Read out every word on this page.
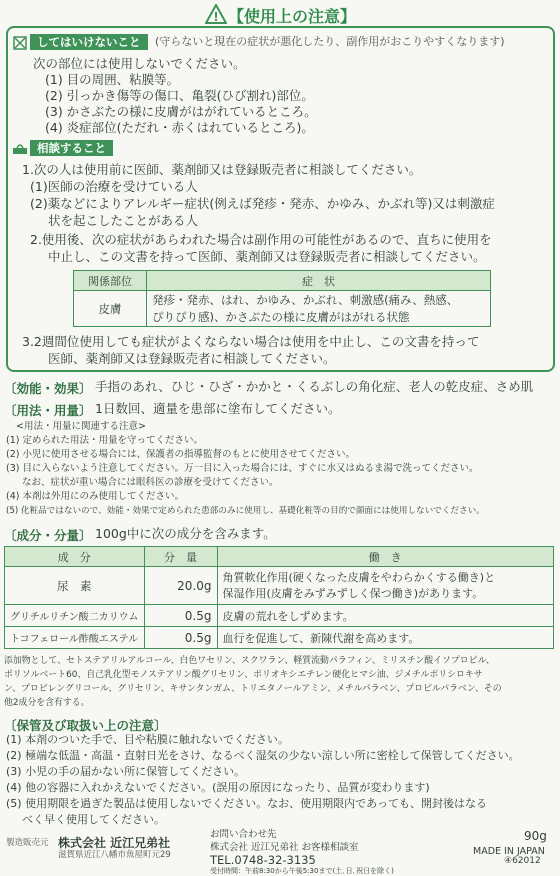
! 【使用上の注意】
してはいけないこと	(守らないと現在の症状が悪化したり、副作用がおこりやすくなります)
次の部位には使用しないでください。
(1) 目の周囲、粘膜等。
(2) 引っかき傷等の傷口、亀裂(ひび割れ)部位。
(3) かさぶたの様に皮膚がはがれているところ。
(4) 炎症部位(ただれ・赤くはれているところ)。
相談すること
1.次の人は使用前に医師、薬剤師又は登録販売者に相談してください。
(1)医師の治療を受けている人
(2)薬などによりアレルギー症状(例えば発疹・発赤、かゆみ、かぶれ等)又は刺激症
状を起こしたことがある人
2.使用後、次の症状があらわれた場合は副作用の可能性があるので、直ちに使用を
中止し、この文書を持って医師、薬剤師又は登録販売者に相談してください。
関係部位	症　状
皮膚	発疹・発赤、はれ、かゆみ、かぶれ、刺激感(痛み、熱感、
ぴりぴり感)、かさぶたの様に皮膚がはがれる状態
3.2週間位使用しても症状がよくならない場合は使用を中止し、この文書を持って
医師、薬剤師又は登録販売者に相談してください。
〔効能・効果〕 手指のあれ、ひじ・ひざ・かかと・くるぶしの角化症、老人の乾皮症、さめ肌
〔用法・用量〕 1日数回、適量を患部に塗布してください。
<用法・用量に関連する注意>
(1) 定められた用法・用量を守ってください。
(2) 小児に使用させる場合には、保護者の指導監督のもとに使用させてください。
(3) 目に入らないよう注意してください。万一目に入った場合には、すぐに水又はぬるま湯で洗ってください。
なお、症状が重い場合には眼科医の診療を受けてください。
(4) 本剤は外用にのみ使用してください。
(5) 化粧品ではないので、効能・効果で定められた患部のみに使用し、基礎化粧等の目的で顔面には使用しないでください。
〔成分・分量〕 100g中に次の成分を含みます。
成　分	分　量	働　き
尿　素	20.0g	角質軟化作用(硬くなった皮膚をやわらかくする働き)と
保湿作用(皮膚をみずみずしく保つ働き)があります。
グリチルリチン酸二カリウム	0.5g	皮膚の荒れをしずめます。
トコフェロール酢酸エステル	0.5g	血行を促進して、新陳代謝を高めます。
添加物として、セトステアリルアルコール、白色ワセリン、スクワラン、軽質流動パラフィン、ミリスチン酸イソプロピル、
ポリソルベート60、自己乳化型モノステアリン酸グリセリン、ポリオキシエチレン硬化ヒマシ油、ジメチルポリシロキサ
ン、プロピレングリコール、グリセリン、キサンタンガム、トリエタノールアミン、メチルパラベン、プロピルパラベン、その
他2成分を含有する。
〔保管及び取扱い上の注意〕
(1) 本剤のついた手で、目や粘膜に触れないでください。
(2) 極端な低温・高温・直射日光をさけ、なるべく湿気の少ない涼しい所に密栓して保管してください。
(3) 小児の手の届かない所に保管してください。
(4) 他の容器に入れかえないでください。(誤用の原因になったり、品質が変わります)
(5) 使用期限を過ぎた製品は使用しないでください。なお、使用期限内であっても、開封後はなる
べく早く使用してください。
製造販売元 株式会社 近江兄弟社
滋賀県近江八幡市魚屋町元29
お問い合わせ先
株式会社 近江兄弟社 お客様相談室
TEL.0748-32-3135
受付時間：午前8:30から午後5:30まで(土､日､祝日を除く)
90g
MADE IN JAPAN
④62012
